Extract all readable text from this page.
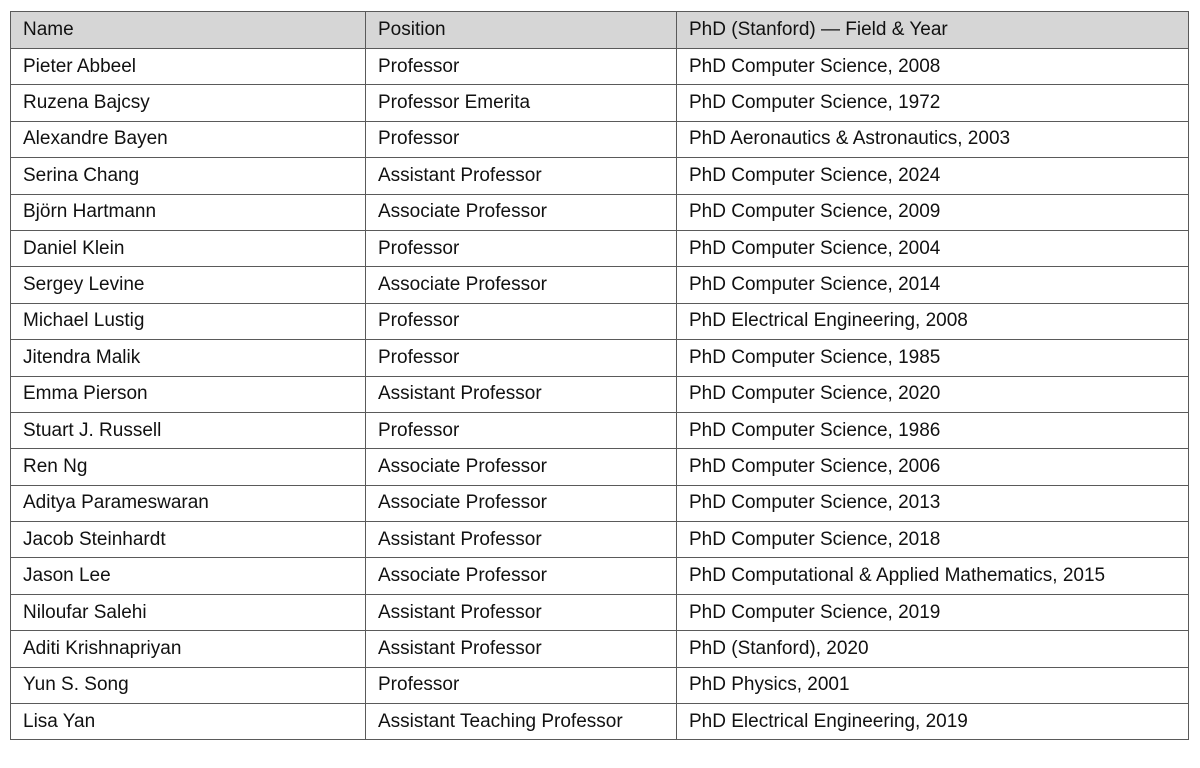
Name	Position	PhD (Stanford) — Field & Year
Pieter Abbeel	Professor	PhD Computer Science, 2008
Ruzena Bajcsy	Professor Emerita	PhD Computer Science, 1972
Alexandre Bayen	Professor	PhD Aeronautics & Astronautics, 2003
Serina Chang	Assistant Professor	PhD Computer Science, 2024
Björn Hartmann	Associate Professor	PhD Computer Science, 2009
Daniel Klein	Professor	PhD Computer Science, 2004
Sergey Levine	Associate Professor	PhD Computer Science, 2014
Michael Lustig	Professor	PhD Electrical Engineering, 2008
Jitendra Malik	Professor	PhD Computer Science, 1985
Emma Pierson	Assistant Professor	PhD Computer Science, 2020
Stuart J. Russell	Professor	PhD Computer Science, 1986
Ren Ng	Associate Professor	PhD Computer Science, 2006
Aditya Parameswaran	Associate Professor	PhD Computer Science, 2013
Jacob Steinhardt	Assistant Professor	PhD Computer Science, 2018
Jason Lee	Associate Professor	PhD Computational & Applied Mathematics, 2015
Niloufar Salehi	Assistant Professor	PhD Computer Science, 2019
Aditi Krishnapriyan	Assistant Professor	PhD (Stanford), 2020
Yun S. Song	Professor	PhD Physics, 2001
Lisa Yan	Assistant Teaching Professor	PhD Electrical Engineering, 2019
